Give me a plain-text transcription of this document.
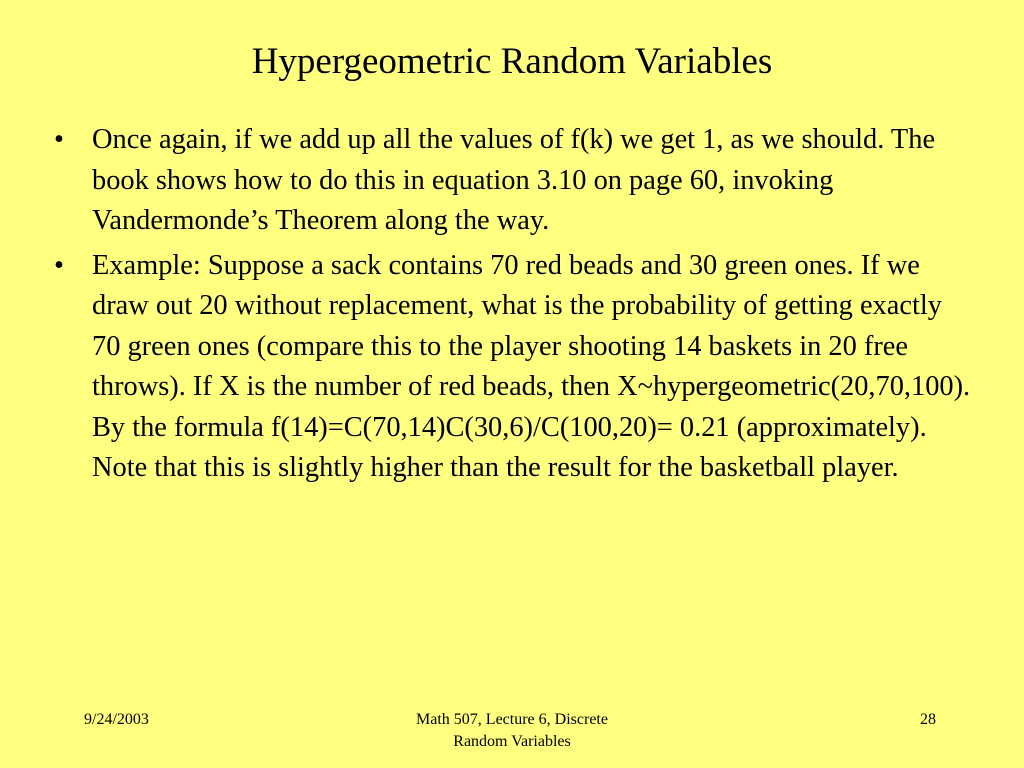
Hypergeometric Random Variables
• Once again, if we add up all the values of f(k) we get 1, as we should. The book shows how to do this in equation 3.10 on page 60, invoking Vandermonde’s Theorem along the way.
• Example: Suppose a sack contains 70 red beads and 30 green ones. If we draw out 20 without replacement, what is the probability of getting exactly 70 green ones (compare this to the player shooting 14 baskets in 20 free throws). If X is the number of red beads, then X~hypergeometric(20,70,100). By the formula f(14)=C(70,14)C(30,6)/C(100,20)= 0.21 (approximately). Note that this is slightly higher than the result for the basketball player.
9/24/2003	Math 507, Lecture 6, Discrete
Random Variables
28
